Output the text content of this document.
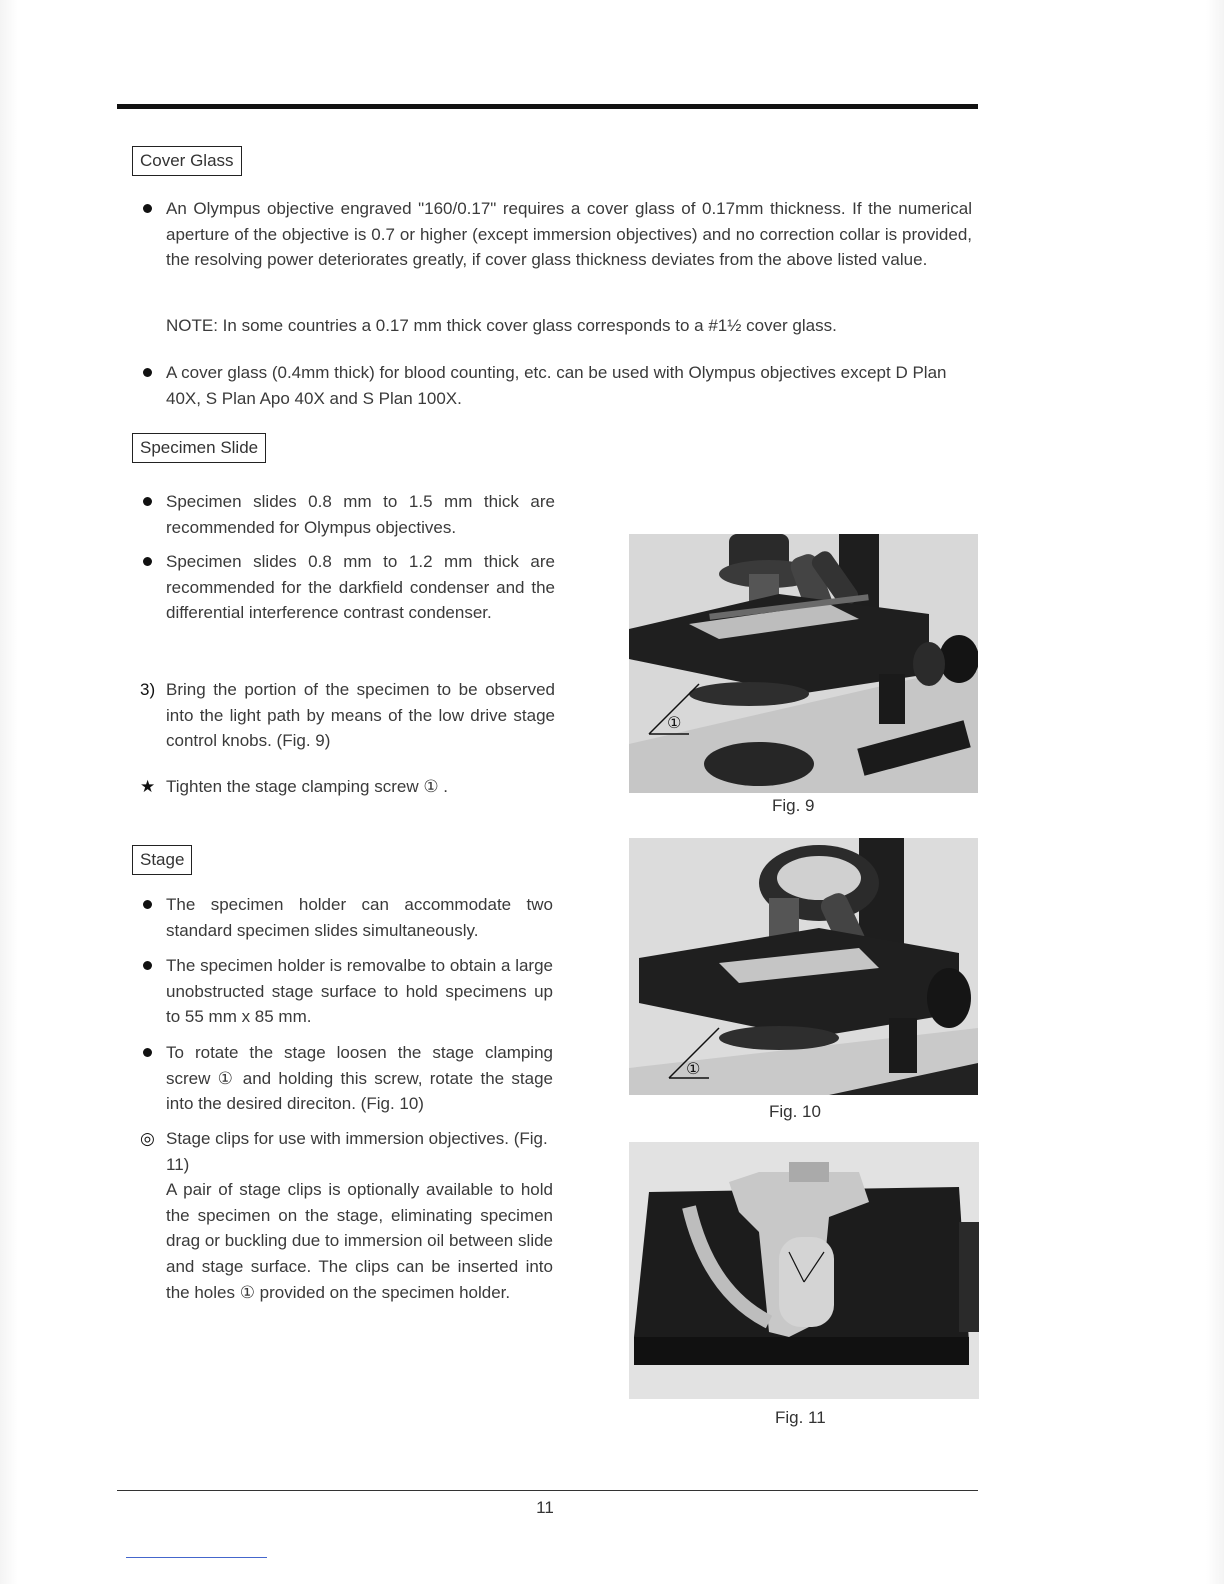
Cover Glass

An Olympus objective engraved "160/0.17" requires a cover glass of 0.17mm thickness. If the numerical aperture of the objective is 0.7 or higher (except immersion objectives) and no correction collar is provided, the resolving power deteriorates greatly, if cover glass thickness deviates from the above listed value.

NOTE: In some countries a 0.17 mm thick cover glass corresponds to a #1½ cover glass.

A cover glass (0.4mm thick) for blood counting, etc. can be used with Olympus objectives except D Plan 40X, S Plan Apo 40X and S Plan 100X.

Specimen Slide

Specimen slides 0.8 mm to 1.5 mm thick are recommended for Olympus objectives.

Specimen slides 0.8 mm to 1.2 mm thick are recommended for the darkfield condenser and the differential interference contrast condenser.

3) Bring the portion of the specimen to be observed into the light path by means of the low drive stage control knobs. (Fig. 9)

★ Tighten the stage clamping screw ① .

Stage

The specimen holder can accommodate two standard specimen slides simultaneously.

The specimen holder is removalbe to obtain a large unobstructed stage surface to hold specimens up to 55 mm x 85 mm.

To rotate the stage loosen the stage clamping screw ① and holding this screw, rotate the stage into the desired direciton. (Fig. 10)

◎ Stage clips for use with immersion objectives. (Fig. 11)

A pair of stage clips is optionally available to hold the specimen on the stage, eliminating specimen drag or buckling due to immersion oil between slide and stage surface. The clips can be inserted into the holes ① provided on the specimen holder.

①
Fig. 9
①
Fig. 10
Fig. 11
11
